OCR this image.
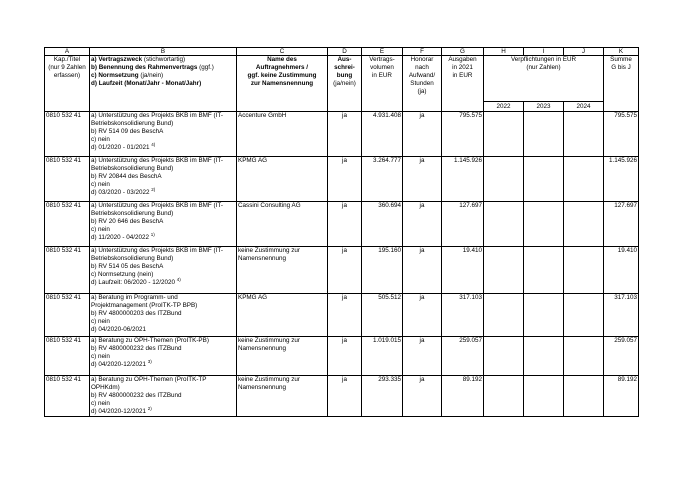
A	B	C	D	E	F	G	H	I	J	K

Kap./Titel
(nur 9 Zahlen
erfassen)	a) Vertragszweck (stichwortartig)
b) Benennung des Rahmenvertrags (ggf.)
c) Normsetzung (ja/nein)
d) Laufzeit (Monat/Jahr - Monat/Jahr)	Name des
Auftragnehmers /
ggf. keine Zustimmung
zur Namensnennung	Aus-
schrei-
bung
(ja/nein)	Vertrags-
volumen
in EUR	Honorar
nach
Aufwand/
Stunden
(ja)	Ausgaben
in 2021
in EUR	Verpflichtungen in EUR
(nur Zahlen)			Summe
G bis J

							2022	2023	2024	
0810 532 41	a) Unterstützung des Projekts BKB im BMF (IT-
Betriebskonsolidierung Bund)
b) RV 514 09 des BeschA
c) nein
d) 01/2020 - 01/2021 $^{4)}$	Accenture GmbH	ja	4.931.408	ja	795.575				795.575
0810 532 41	a) Unterstützung des Projekts BKB im BMF (IT-
Betriebskonsolidierung Bund)
b) RV 20844 des BeschA
c) nein
d) 03/2020 - 03/2022 $^{2)}$	KPMG AG	ja	3.264.777	ja	1.145.926				1.145.926
0810 532 41	a) Unterstützung des Projekts BKB im BMF (IT-
Betriebskonsolidierung Bund)
b) RV 20 646 des BeschA
c) nein
d) 11/2020 - 04/2022 $^{1)}$	Cassini Consulting AG	ja	360.694	ja	127.697				127.697
0810 532 41	a) Unterstützung des Projekts BKB im BMF (IT-
Betriebskonsolidierung Bund)
b) RV 514 05 des BeschA
c) Normsetzung (nein)
d) Laufzeit: 06/2020 - 12/2020 $^{4)}$	keine Zustimmung zur
Namensnennung	ja	195.160	ja	19.410				19.410
0810 532 41	a) Beratung im Programm- und
Projektmanagement (ProITK-TP BPB)
b) RV 4800000203 des ITZBund
c) nein
d) 04/2020-06/2021	KPMG AG	ja	505.512	ja	317.103				317.103
0810 532 41	a) Beratung zu OPH-Themen (ProITK-PB)
b) RV 4800000232 des ITZBund
c) nein
d) 04/2020-12/2021 $^{3)}$	keine Zustimmung zur
Namensnennung	ja	1.019.015	ja	259.057				259.057
0810 532 41	a) Beratung zu OPH-Themen (ProITK-TP
OPHKdm)
b) RV 4800000232 des ITZBund
c) nein
d) 04/2020-12/2021 $^{2)}$	keine Zustimmung zur
Namensnennung	ja	293.335	ja	89.192				89.192
